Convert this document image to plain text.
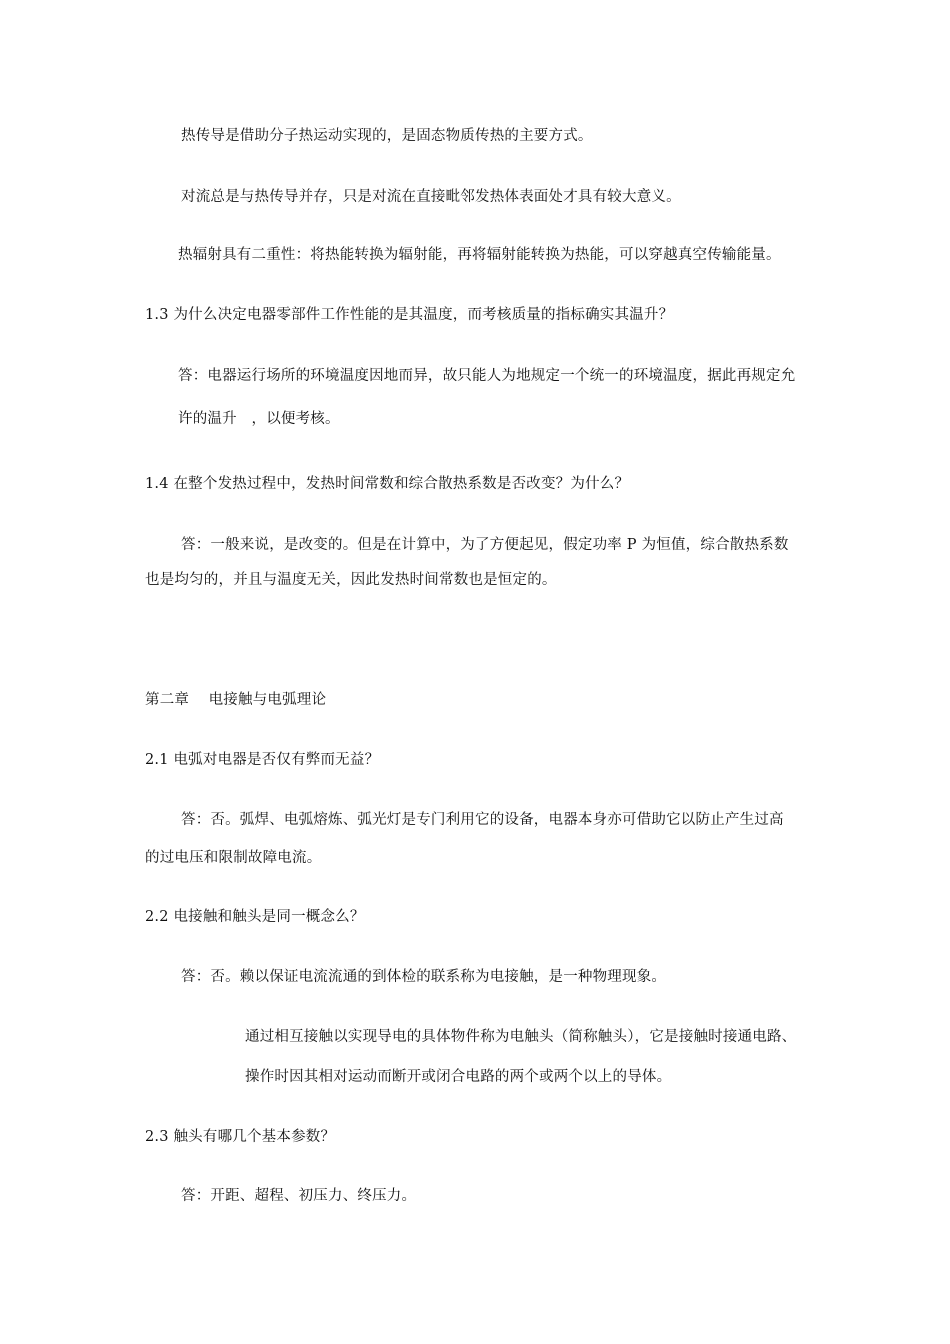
热传导是借助分子热运动实现的，是固态物质传热的主要方式。
对流总是与热传导并存，只是对流在直接毗邻发热体表面处才具有较大意义。
热辐射具有二重性：将热能转换为辐射能，再将辐射能转换为热能，可以穿越真空传输能量。
1.3 为什么决定电器零部件工作性能的是其温度，而考核质量的指标确实其温升？
答：电器运行场所的环境温度因地而异，故只能人为地规定一个统一的环境温度，据此再规定允
许的温升　，以便考核。
1.4 在整个发热过程中，发热时间常数和综合散热系数是否改变？为什么？
答：一般来说，是改变的。但是在计算中，为了方便起见，假定功率 P 为恒值，综合散热系数
也是均匀的，并且与温度无关，因此发热时间常数也是恒定的。
第二章　 电接触与电弧理论
2.1 电弧对电器是否仅有弊而无益？
答：否。弧焊、电弧熔炼、弧光灯是专门利用它的设备，电器本身亦可借助它以防止产生过高
的过电压和限制故障电流。
2.2 电接触和触头是同一概念么？
答：否。赖以保证电流流通的到体检的联系称为电接触，是一种物理现象。
通过相互接触以实现导电的具体物件称为电触头（简称触头），它是接触时接通电路、
操作时因其相对运动而断开或闭合电路的两个或两个以上的导体。
2.3 触头有哪几个基本参数？
答：开距、超程、初压力、终压力。
